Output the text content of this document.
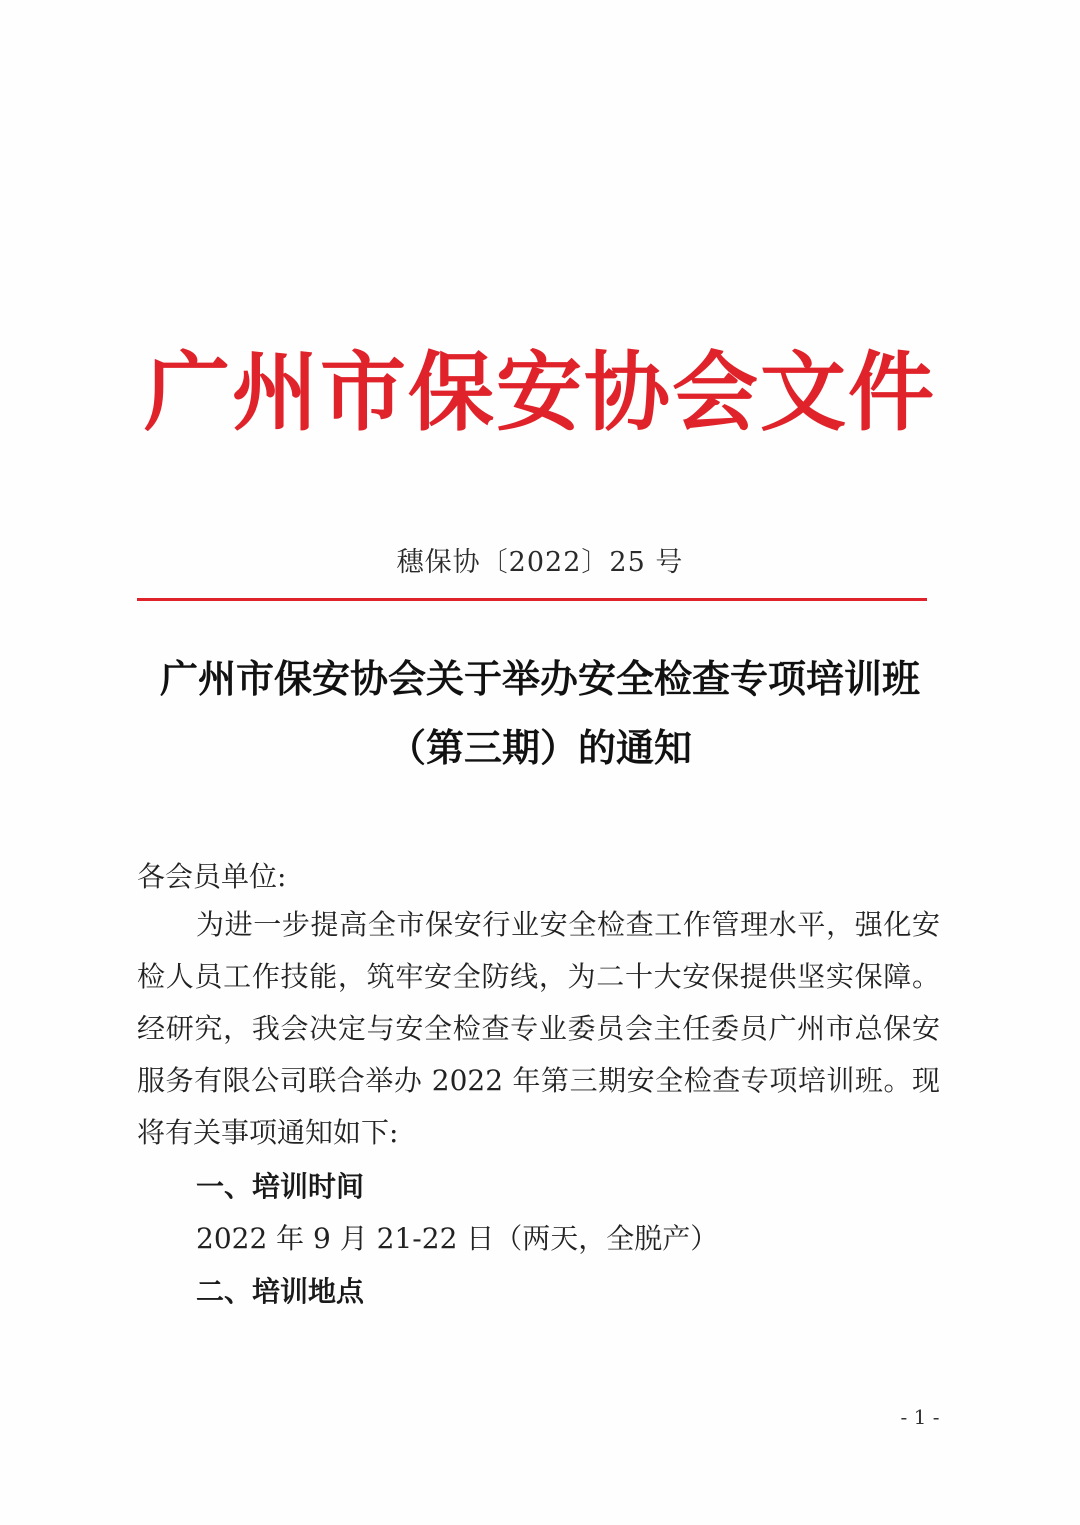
广州市保安协会文件
穗保协〔2022〕25 号
广州市保安协会关于举办安全检查专项培训班
（第三期）的通知
各会员单位:
为进一步提高全市保安行业安全检查工作管理水平，强化安
检人员工作技能，筑牢安全防线，为二十大安保提供坚实保障。
经研究，我会决定与安全检查专业委员会主任委员广州市总保安
服务有限公司联合举办 2022 年第三期安全检查专项培训班。现
将有关事项通知如下:
一、培训时间
2022 年 9 月 21-22 日（两天，全脱产）
二、培训地点
- 1 -
